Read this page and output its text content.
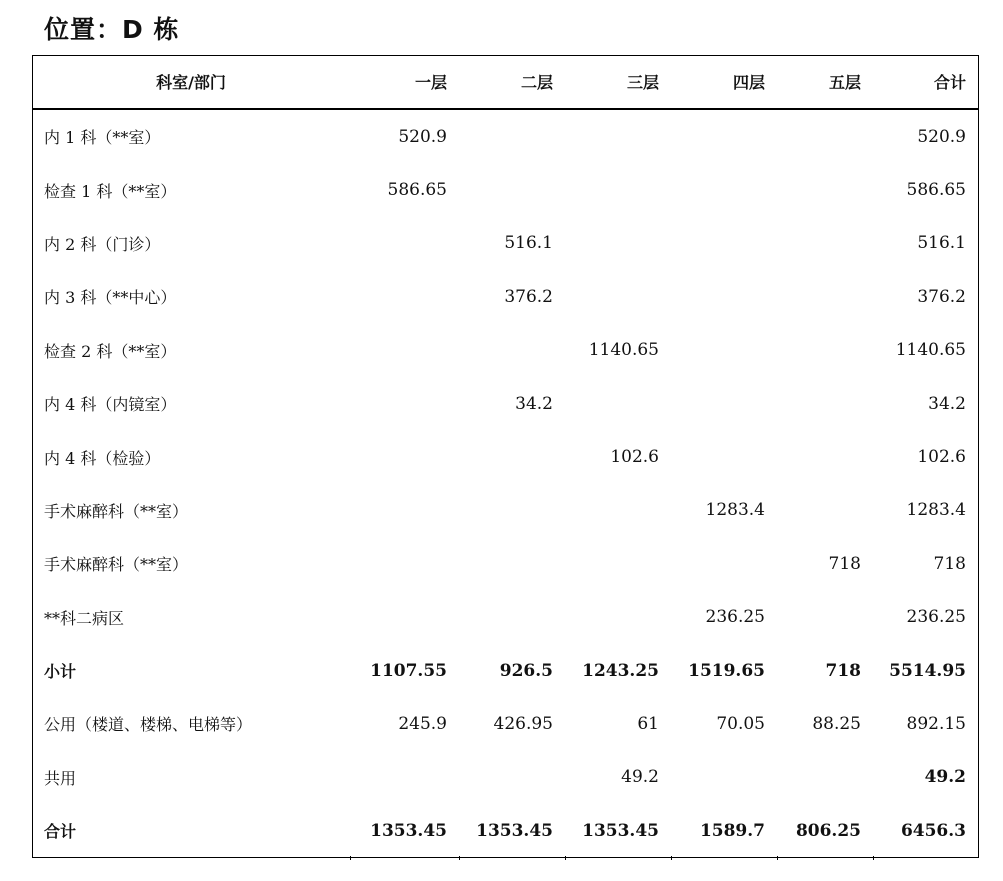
位置：D 栋
科室/部门	一层	二层	三层	四层	五层	合计
内 1 科（**室）	520.9					520.9
检查 1 科（**室）	586.65					586.65
内 2 科（门诊）		516.1				516.1
内 3 科（**中心）		376.2				376.2
检查 2 科（**室）			1140.65			1140.65
内 4 科（内镜室）		34.2				34.2
内 4 科（检验）			102.6			102.6
手术麻醉科（**室）				1283.4		1283.4
手术麻醉科（**室）					718	718
**科二病区				236.25		236.25
小计	1107.55	926.5	1243.25	1519.65	718	5514.95
公用（楼道、楼梯、电梯等）	245.9	426.95	61	70.05	88.25	892.15
共用			49.2			49.2
合计	1353.45	1353.45	1353.45	1589.7	806.25	6456.3
